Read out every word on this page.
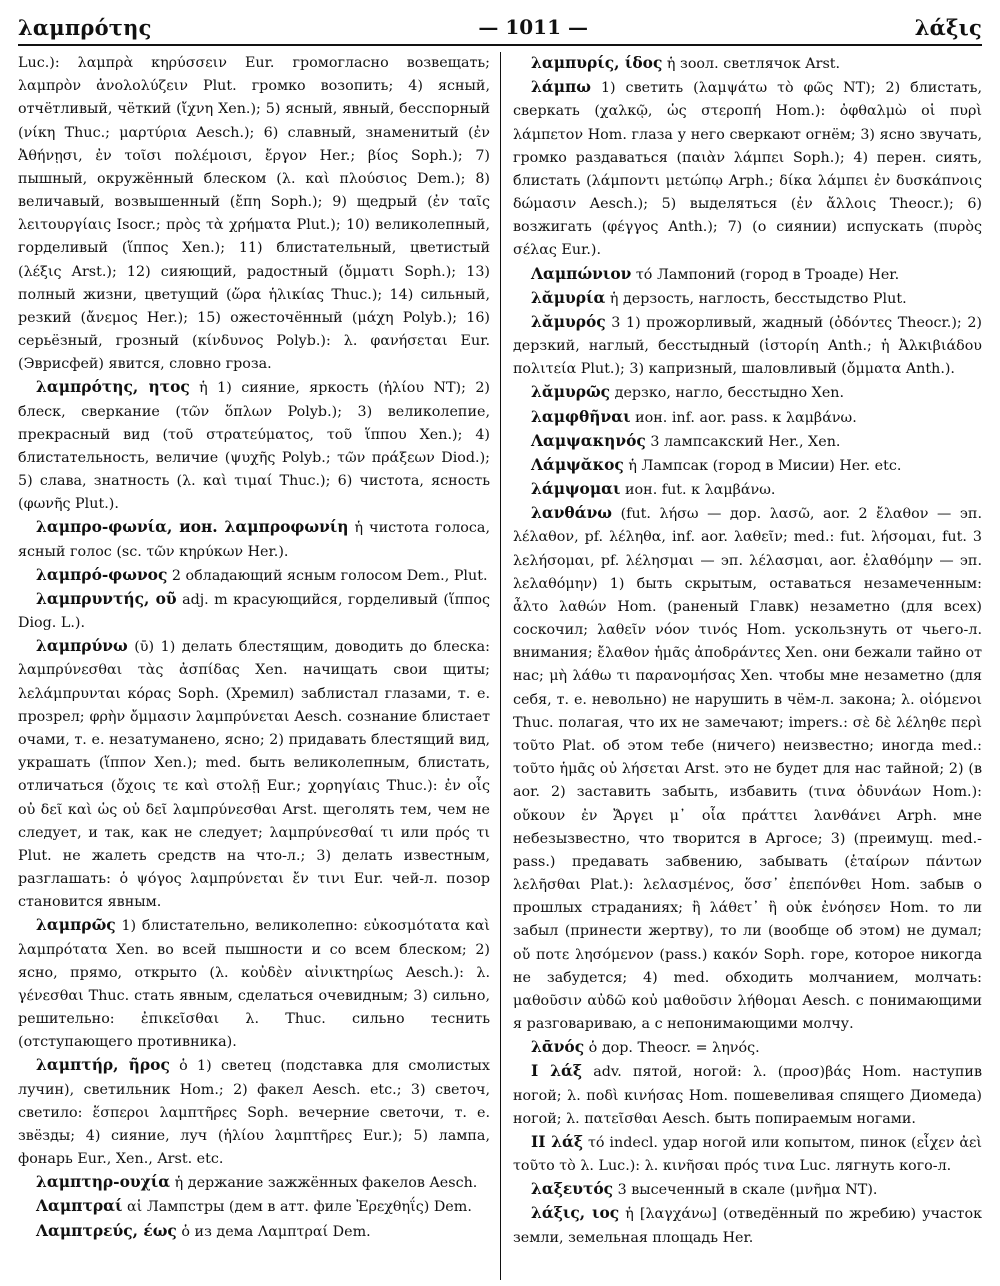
λαμπρότης	— 1011 —	λάξις

Luc.): λαμπρὰ κηρύσσειν Eur. громогласно возвещать; λαμπρὸν ἀνολολύζειν Plut. громко возопить; 4) ясный, отчётливый, чёткий (ἴχνη Xen.); 5) ясный, явный, бесспорный (νίκη Thuc.; μαρτύρια Aesch.); 6) славный, знаменитый (ἐν Ἀθήνῃσι, ἐν τοῖσι πολέμοισι, ἔργον Her.; βίος Soph.); 7) пышный, окружённый блеском (λ. καὶ πλούσιος Dem.); 8) величавый, возвышенный (ἔπη Soph.); 9) щедрый (ἐν ταῖς λειτουργίαις Isocr.; πρὸς τὰ χρήματα Plut.); 10) великолепный, горделивый (ἵππος Xen.); 11) блистательный, цветистый (λέξις Arst.); 12) сияющий, радостный (ὄμματι Soph.); 13) полный жизни, цветущий (ὥρα ἡλικίας Thuc.); 14) сильный, резкий (ἄνεμος Her.); 15) ожесточённый (μάχη Polyb.); 16) серьёзный, грозный (κίνδυνος Polyb.): λ. φανήσεται Eur. (Эврисфей) явится, словно гроза.

λαμπρότης, ητος ἡ 1) сияние, яркость (ἡλίου NT); 2) блеск, сверкание (τῶν ὅπλων Polyb.); 3) великолепие, прекрасный вид (τοῦ στρατεύματος, τοῦ ἵππου Xen.); 4) блистательность, величие (ψυχῆς Polyb.; τῶν πράξεων Diod.); 5) слава, знатность (λ. καὶ τιμαί Thuc.); 6) чистота, ясность (φωνῆς Plut.).

λαμπρο-φωνία, ион. λαμπροφωνίη ἡ чистота голоса, ясный голос (sc. τῶν κηρύκων Her.).

λαμπρό-φωνος 2 обладающий ясным голосом Dem., Plut.

λαμπρυντής, οῦ adj. m красующийся, горделивый (ἵππος Diog. L.).

λαμπρύνω (ῡ) 1) делать блестящим, доводить до блеска: λαμπρύνεσθαι τὰς ἀσπίδας Xen. начищать свои щиты; λελάμπρυνται κόρας Soph. (Хремил) заблистал глазами, т. е. прозрел; φρὴν ὄμμασιν λαμπρύνεται Aesch. сознание блистает очами, т. е. незатуманено, ясно; 2) придавать блестящий вид, украшать (ἵππον Xen.); med. быть великолепным, блистать, отличаться (ὄχοις τε καὶ στολῇ Eur.; χορηγίαις Thuc.): ἐν οἷς οὐ δεῖ καὶ ὡς οὐ δεῖ λαμπρύνεσθαι Arst. щеголять тем, чем не следует, и так, как не следует; λαμπρύνεσθαί τι или πρός τι Plut. не жалеть средств на что-л.; 3) делать известным, разглашать: ὁ ψόγος λαμπρύνεται ἔν τινι Eur. чей-л. позор становится явным.

λαμπρῶς 1) блистательно, великолепно: εὐκοσμότατα καὶ λαμπρότατα Xen. во всей пышности и со всем блеском; 2) ясно, прямо, открыто (λ. κοὐδὲν αἰνικτηρίως Aesch.): λ. γένεσθαι Thuc. стать явным, сделаться очевидным; 3) сильно, решительно: ἐπικεῖσθαι λ. Thuc. сильно теснить (отступающего противника).

λαμπτήρ, ῆρος ὁ 1) светец (подставка для смолистых лучин), светильник Hom.; 2) факел Aesch. etc.; 3) светоч, светило: ἕσπεροι λαμπτῆρες Soph. вечерние светочи, т. е. звёзды; 4) сияние, луч (ἡλίου λαμπτῆρες Eur.); 5) лампа, фонарь Eur., Xen., Arst. etc.

λαμπτηρ-ουχία ἡ держание зажжённых факелов Aesch.

Λαμπτραί αἱ Лампстры (дем в атт. филе Ἐρεχθηΐς) Dem.

Λαμπτρεύς, έως ὁ из дема Λαμπτραί Dem.

λαμπυρίς, ίδος ἡ зоол. светлячок Arst.

λάμπω 1) светить (λαμψάτω τὸ φῶς NT); 2) блистать, сверкать (χαλκῷ, ὡς στεροπή Hom.): ὀφθαλμὼ οἱ πυρὶ λάμπετον Hom. глаза у него сверкают огнём; 3) ясно звучать, громко раздаваться (παιὰν λάμπει Soph.); 4) перен. сиять, блистать (λάμποντι μετώπῳ Arph.; δίκα λάμπει ἐν δυσκάπνοις δώμασιν Aesch.); 5) выделяться (ἐν ἄλλοις Theocr.); 6) возжигать (φέγγος Anth.); 7) (о сиянии) испускать (πυρὸς σέλας Eur.).

Λαμπώνιον τό Лампоний (город в Троаде) Her.

λᾰμυρία ἡ дерзость, наглость, бесстыдство Plut.

λᾰμυρός 3 1) прожорливый, жадный (ὀδόντες Theocr.); 2) дерзкий, наглый, бесстыдный (ἱστορίη Anth.; ἡ Ἀλκιβιάδου πολιτεία Plut.); 3) капризный, шаловливый (ὄμματα Anth.).

λᾰμυρῶς дерзко, нагло, бесстыдно Xen.

λαμφθῆναι ион. inf. aor. pass. к λαμβάνω.

Λαμψακηνός 3 лампсакский Her., Xen.

Λάμψᾰκος ἡ Лампсак (город в Мисии) Her. etc.

λάμψομαι ион. fut. к λαμβάνω.

λανθάνω (fut. λήσω — дор. λασῶ, aor. 2 ἔλαθον — эп. λέλαθον, pf. λέληθα, inf. aor. λαθεῖν; med.: fut. λήσομαι, fut. 3 λελήσομαι, pf. λέλησμαι — эп. λέλασμαι, aor. ἐλαθόμην — эп. λελαθόμην) 1) быть скрытым, оставаться незамеченным: ἆλτο λαθών Hom. (раненый Главк) незаметно (для всех) соскочил; λαθεῖν νόον τινός Hom. ускользнуть от чьего-л. внимания; ἔλαθον ἡμᾶς ἀποδράντες Xen. они бежали тайно от нас; μὴ λάθω τι παρανομήσας Xen. чтобы мне незаметно (для себя, т. е. невольно) не нарушить в чём-л. закона; λ. οἰόμενοι Thuc. полагая, что их не замечают; impers.: σὲ δὲ λέληθε περὶ τοῦτο Plat. об этом тебе (ничего) неизвестно; иногда med.: τοῦτο ἡμᾶς οὐ λήσεται Arst. это не будет для нас тайной; 2) (в aor. 2) заставить забыть, избавить (τινα ὀδυνάων Hom.): οὔκουν ἐν Ἄργει μ᾽ οἷα πράττει λανθάνει Arph. мне небезызвестно, что творится в Аргосе; 3) (преимущ. med.-pass.) предавать забвению, забывать (ἑταίρων πάντων λελῆσθαι Plat.): λελασμένος, ὅσσ᾽ ἐπεπόνθει Hom. забыв о прошлых страданиях; ἢ λάθετ᾽ ἢ οὐκ ἐνόησεν Hom. то ли забыл (принести жертву), то ли (вообще об этом) не думал; οὔ ποτε λησόμενον (pass.) κακόν Soph. горе, которое никогда не забудется; 4) med. обходить молчанием, молчать: μαθοῦσιν αὐδῶ κοὐ μαθοῦσιν λήθομαι Aesch. с понимающими я разговариваю, а с непонимающими молчу.

λᾱνός ὁ дор. Theocr. = ληνός.

I λάξ adv. пятой, ногой: λ. (προσ)βάς Hom. наступив ногой; λ. ποδὶ κινήσας Hom. пошевеливая спящего Диомеда) ногой; λ. πατεῖσθαι Aesch. быть попираемым ногами.

II λάξ τό indecl. удар ногой или копытом, пинок (εἶχεν ἀεὶ τοῦτο τὸ λ. Luc.): λ. κινῆσαι πρός τινα Luc. лягнуть кого-л.

λαξευτός 3 высеченный в скале (μνῆμα NT).

λάξις, ιος ἡ [λαγχάνω] (отведённый по жребию) участок земли, земельная площадь Her.
